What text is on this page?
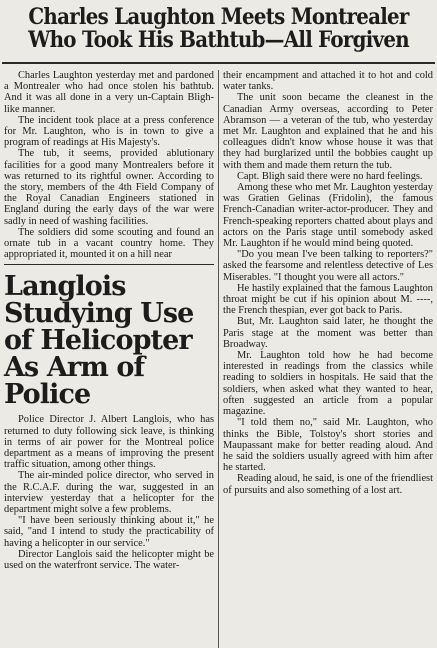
Charles Laughton Meets Montrealer
Who Took His Bathtub—All Forgiven

Charles Laughton yesterday met and pardoned a Montrealer who had once stolen his bathtub. And it was all done in a very un-Captain Bligh-like manner.

The incident took place at a press conference for Mr. Laughton, who is in town to give a program of readings at His Majesty's.

The tub, it seems, provided ablutionary facilities for a good many Montrealers before it was returned to its rightful owner. According to the story, members of the 4th Field Company of the Royal Canadian Engineers stationed in England during the early days of the war were sadly in need of washing facilities.

The soldiers did some scouting and found an ornate tub in a vacant country home. They appropriated it, mounted it on a hill near

Langlois Studying Use of Helicopter As Arm of Police

Police Director J. Albert Langlois, who has returned to duty following sick leave, is thinking in terms of air power for the Montreal police department as a means of improving the present traffic situation, among other things.

The air-minded police director, who served in the R.C.A.F. during the war, suggested in an interview yesterday that a helicopter for the department might solve a few problems.

"I have been seriously thinking about it," he said, "and I intend to study the practicability of having a helicopter in our service."

Director Langlois said the helicopter might be used on the waterfront service. The water-

their encampment and attached it to hot and cold water tanks.

The unit soon became the cleanest in the Canadian Army overseas, according to Peter Abramson — a veteran of the tub, who yesterday met Mr. Laughton and explained that he and his colleagues didn't know whose house it was that they had burglarized until the bobbies caught up with them and made them return the tub.

Capt. Bligh said there were no hard feelings.

Among these who met Mr. Laughton yesterday was Gratien Gelinas (Fridolin), the famous French-Canadian writer-actor-producer. They and French-speaking reporters chatted about plays and actors on the Paris stage until somebody asked Mr. Laughton if he would mind being quoted.

"Do you mean I've been talking to reporters?" asked the fearsome and relentless detective of Les Miserables. "I thought you were all actors."

He hastily explained that the famous Laughton throat might be cut if his opinion about M. ----, the French thespian, ever got back to Paris.

But, Mr. Laughton said later, he thought the Paris stage at the moment was better than Broadway.

Mr. Laughton told how he had become interested in readings from the classics while reading to soldiers in hospitals. He said that the soldiers, when asked what they wanted to hear, often suggested an article from a popular magazine.

"I told them no," said Mr. Laughton, who thinks the Bible, Tolstoy's short stories and Maupassant make for better reading aloud. And he said the soldiers usually agreed with him after he started.

Reading aloud, he said, is one of the friendliest of pursuits and also something of a lost art.
